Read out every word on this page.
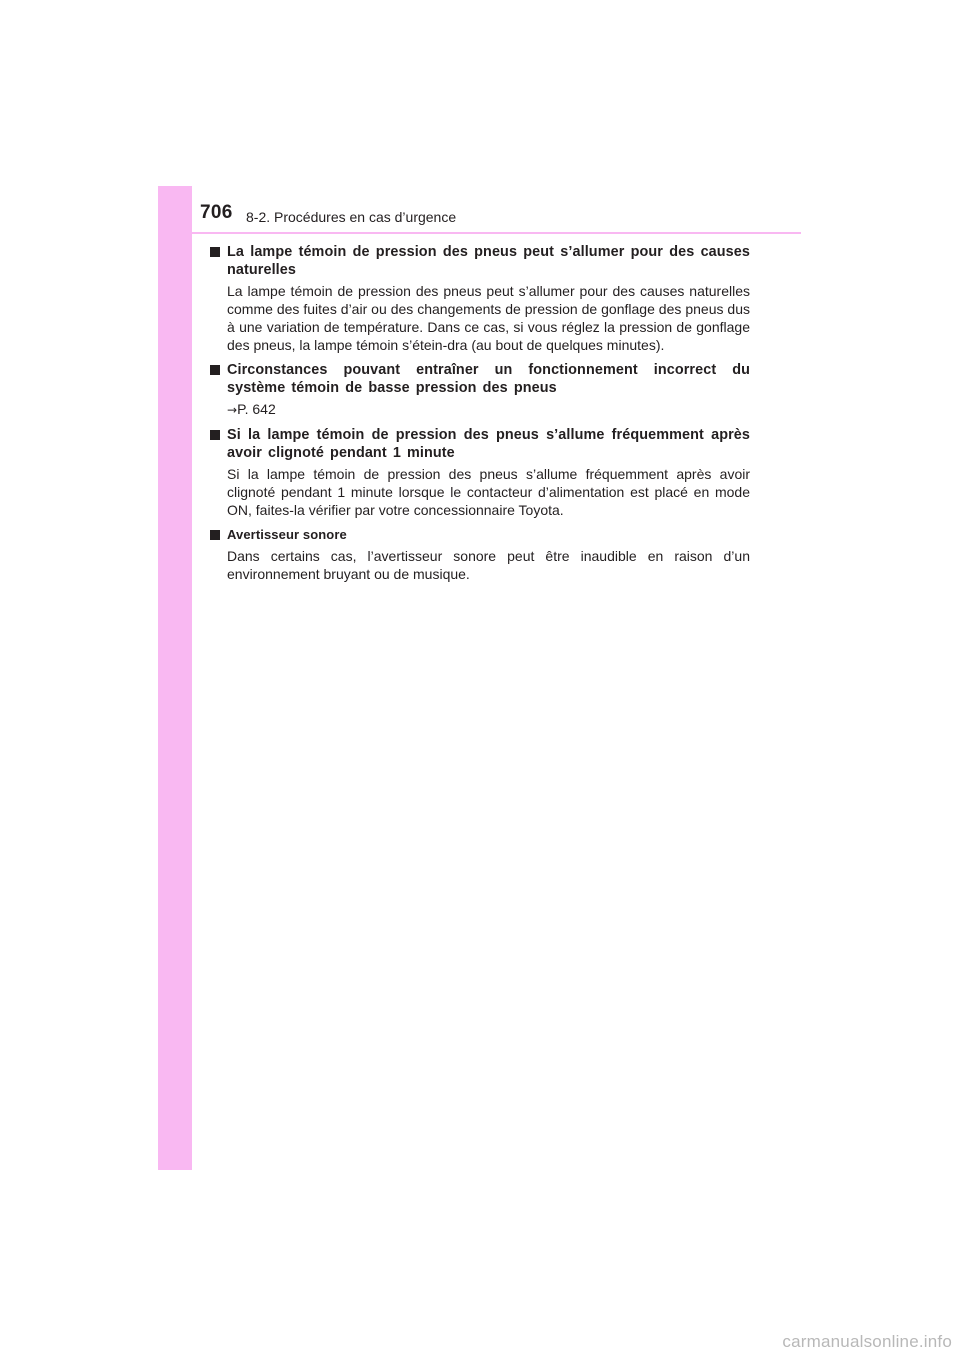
706 8-2. Procédures en cas d’urgence
La lampe témoin de pression des pneus peut s’allumer pour des causes naturelles
La lampe témoin de pression des pneus peut s’allumer pour des causes naturelles comme des fuites d’air ou des changements de pression de gonflage des pneus dus à une variation de température. Dans ce cas, si vous réglez la pression de gonflage des pneus, la lampe témoin s’étein-dra (au bout de quelques minutes).
Circonstances pouvant entraîner un fonctionnement incorrect du système témoin de basse pression des pneus
→P. 642
Si la lampe témoin de pression des pneus s’allume fréquemment après avoir clignoté pendant 1 minute
Si la lampe témoin de pression des pneus s’allume fréquemment après avoir clignoté pendant 1 minute lorsque le contacteur d’alimentation est placé en mode ON, faites-la vérifier par votre concessionnaire Toyota.
Avertisseur sonore
Dans certains cas, l’avertisseur sonore peut être inaudible en raison d’un environnement bruyant ou de musique.
carmanualsonline.info
